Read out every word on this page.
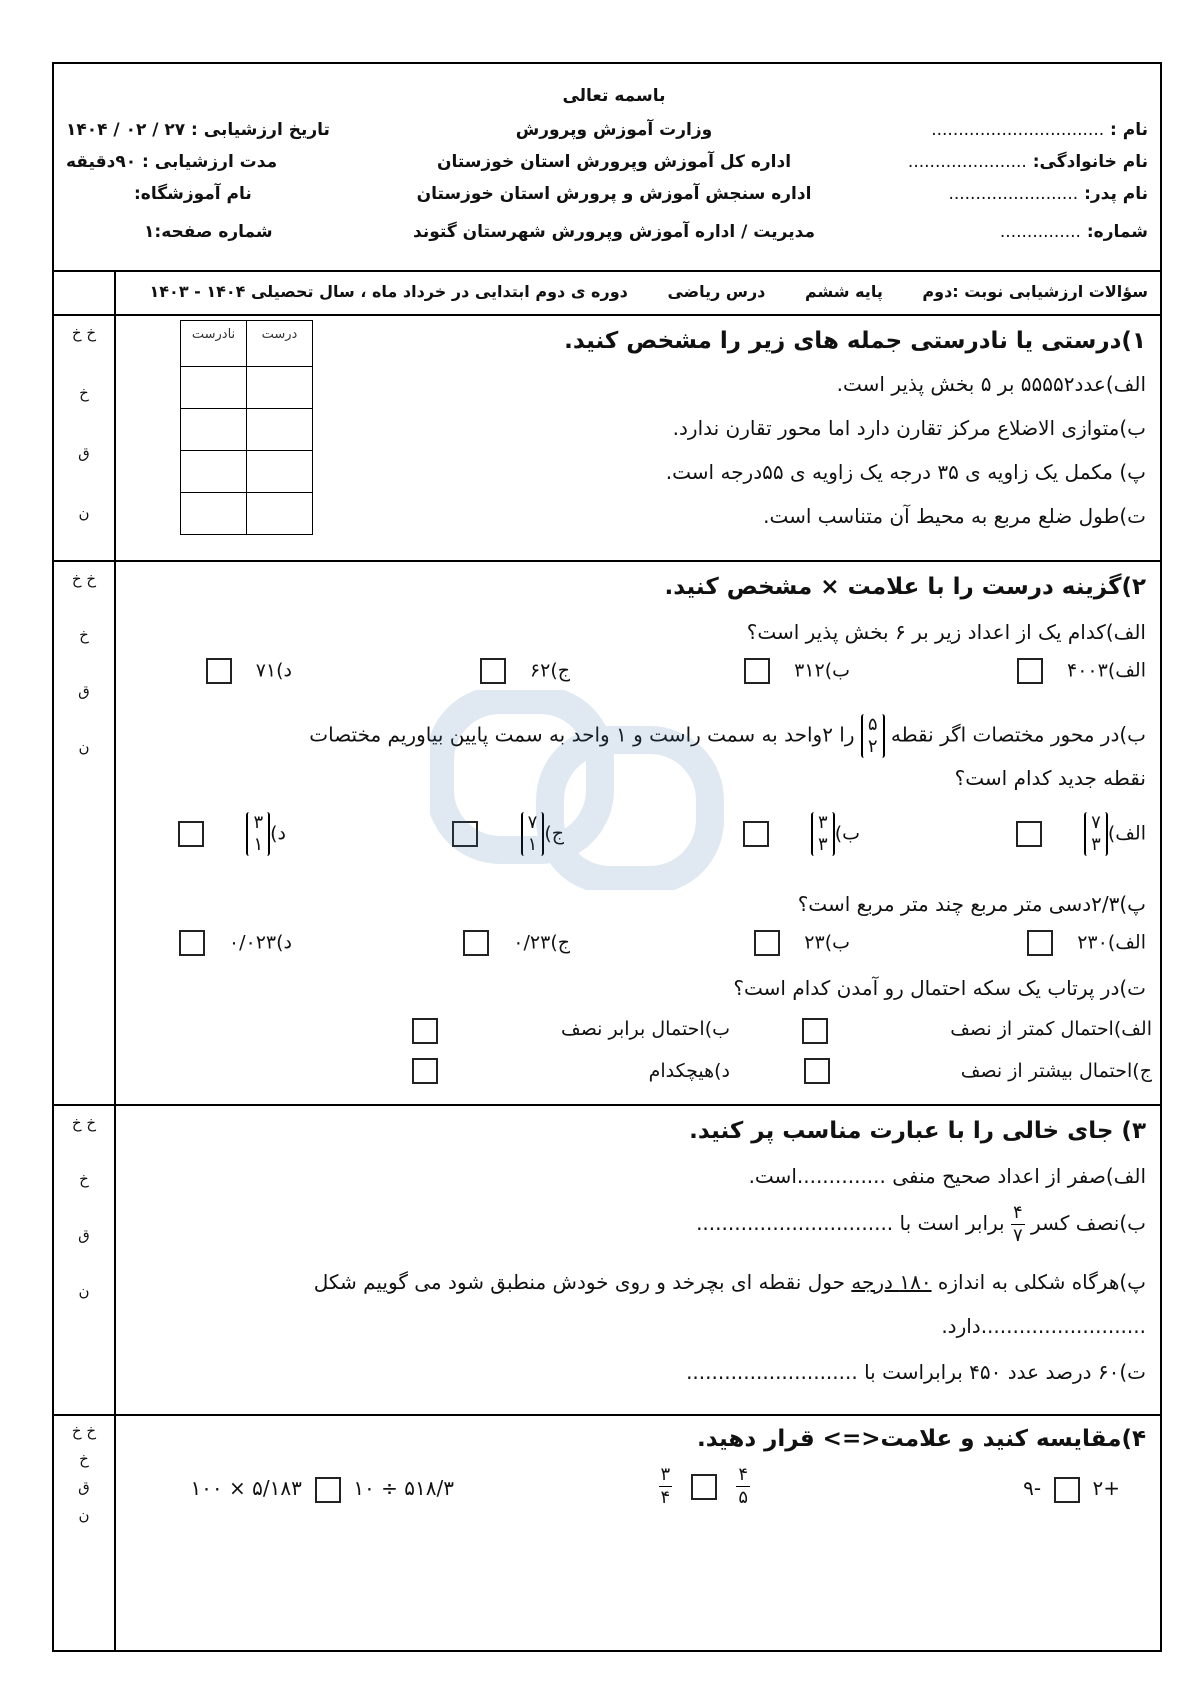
باسمه تعالی
وزارت آموزش وپرورش
اداره کل آموزش وپرورش استان خوزستان
اداره سنجش آموزش و پرورش استان خوزستان
مدیریت / اداره آموزش وپرورش شهرستان گتوند
نام : ................................
نام خانوادگی: ......................
نام پدر: ........................
شماره: ...............
تاریخ ارزشیابی : ۲۷ / ۰۲ / ۱۴۰۴
مدت ارزشیابی : ۹۰دقیقه
نام آموزشگاه:
شماره صفحه:۱
سؤالات ارزشیابی نوبت :دوم پایه ششم درس ریاضی دوره ی دوم ابتدایی در خرداد ماه ، سال تحصیلی ۱۴۰۴ - ۱۴۰۳
خ خ
خ
ق
ن
۱)درستی یا نادرستی جمله های زیر را مشخص کنید.
الف)عدد۵۵۵۵۲ بر ۵ بخش پذیر است.
ب)متوازی الاضلاع مرکز تقارن دارد اما محور تقارن ندارد.
پ) مکمل یک زاویه ی ۳۵ درجه یک زاویه ی ۵۵درجه است.
ت)طول ضلع مربع به محیط آن متناسب است.
نادرست	درست

خ خ
خ
ق
ن
۲)گزینه درست را با علامت × مشخص کنید.
الف)کدام یک از اعداد زیر بر ۶ بخش پذیر است؟
الف)۴۰۰۳
ب)۳۱۲
ج)۶۲
د)۷۱
ب)در محور مختصات اگر نقطه ۵
۲ را ۲واحد به سمت راست و ۱ واحد به سمت پایین بیاوریم مختصات
نقطه جدید کدام است؟
الف)۷
۳
ب)۳
۳
ج)۷
۱
د)۳
۱
پ)۲/۳دسی متر مربع چند متر مربع است؟
الف)۲۳۰
ب)۲۳
ج)۰/۲۳
د)۰/۰۲۳
ت)در پرتاب یک سکه احتمال رو آمدن کدام است؟
الف)احتمال کمتر از نصف
ب)احتمال برابر نصف
ج)احتمال بیشتر از نصف
د)هیچکدام
خ خ
خ
ق
ن
۳) جای خالی را با عبارت مناسب پر کنید.
الف)صفر از اعداد صحیح منفی ..............است.
ب)نصف کسر
$\frac{۴}{۷}$
برابر است با ...............................
پ)هرگاه شکلی به اندازه ۱۸۰ درجه حول نقطه ای بچرخد و روی خودش منطبق شود می گوییم شکل
..........................دارد.
ت)۶۰ درصد عدد ۴۵۰ برابراست با ...........................
خ خ
خ
ق
ن
۴)مقایسه کنید و علامت<=> قرار دهید.
+۲    -۹
$\frac{۴}{۵}$

$\frac{۳}{۴}$
۵۱۸/۳ ÷ ۱۰    ۵/۱۸۳ × ۱۰۰
